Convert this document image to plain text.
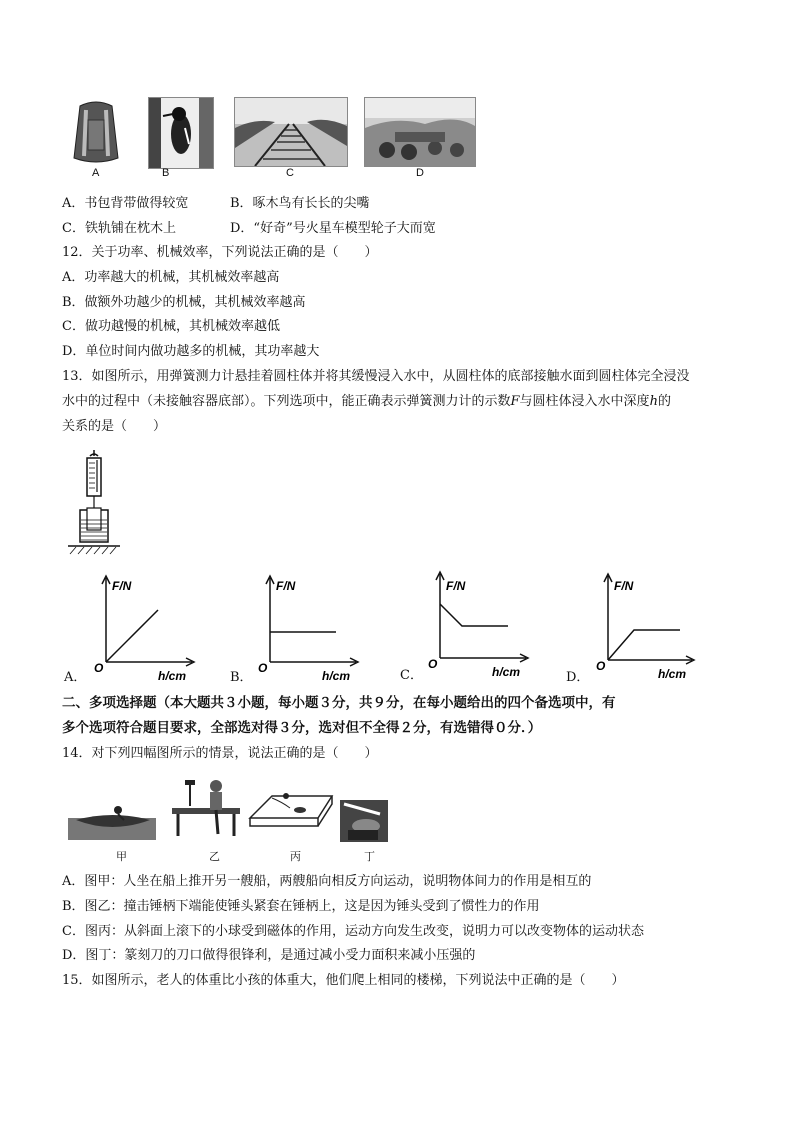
A	B	C	D
A．书包背带做得较宽	B．啄木鸟有长长的尖嘴
C．铁轨铺在枕木上	D．“好奇”号火星车模型轮子大而宽
12．关于功率、机械效率，下列说法正确的是（　　）
A．功率越大的机械，其机械效率越高
B．做额外功越少的机械，其机械效率越高
C．做功越慢的机械，其机械效率越低
D．单位时间内做功越多的机械，其功率越大
13．如图所示，用弹簧测力计悬挂着圆柱体并将其缓慢浸入水中，从圆柱体的底部接触水面到圆柱体完全浸没
水中的过程中（未接触容器底部）。下列选项中，能正确表示弹簧测力计的示数F与圆柱体浸入水中深度h的
关系的是（　　）
A．
F/N
h/cm
O
B．
F/N
h/cm
O	C．
F/N
h/cm
O
D．
F/N
h/cm
O
二、多项选择题（本大题共３小题，每小题３分，共９分，在每小题给出的四个备选项中，有
多个选项符合题目要求，全部选对得３分，选对但不全得２分，有选错得０分．）
14．对下列四幅图所示的情景，说法正确的是（　　）
甲	乙	丙	丁
A．图甲：人坐在船上推开另一艘船，两艘船向相反方向运动，说明物体间力的作用是相互的
B．图乙：撞击锤柄下端能使锤头紧套在锤柄上，这是因为锤头受到了惯性力的作用
C．图丙：从斜面上滚下的小球受到磁体的作用，运动方向发生改变，说明力可以改变物体的运动状态
D．图丁：篆刻刀的刀口做得很锋利，是通过减小受力面积来减小压强的
15．如图所示，老人的体重比小孩的体重大，他们爬上相同的楼梯，下列说法中正确的是（　　）
